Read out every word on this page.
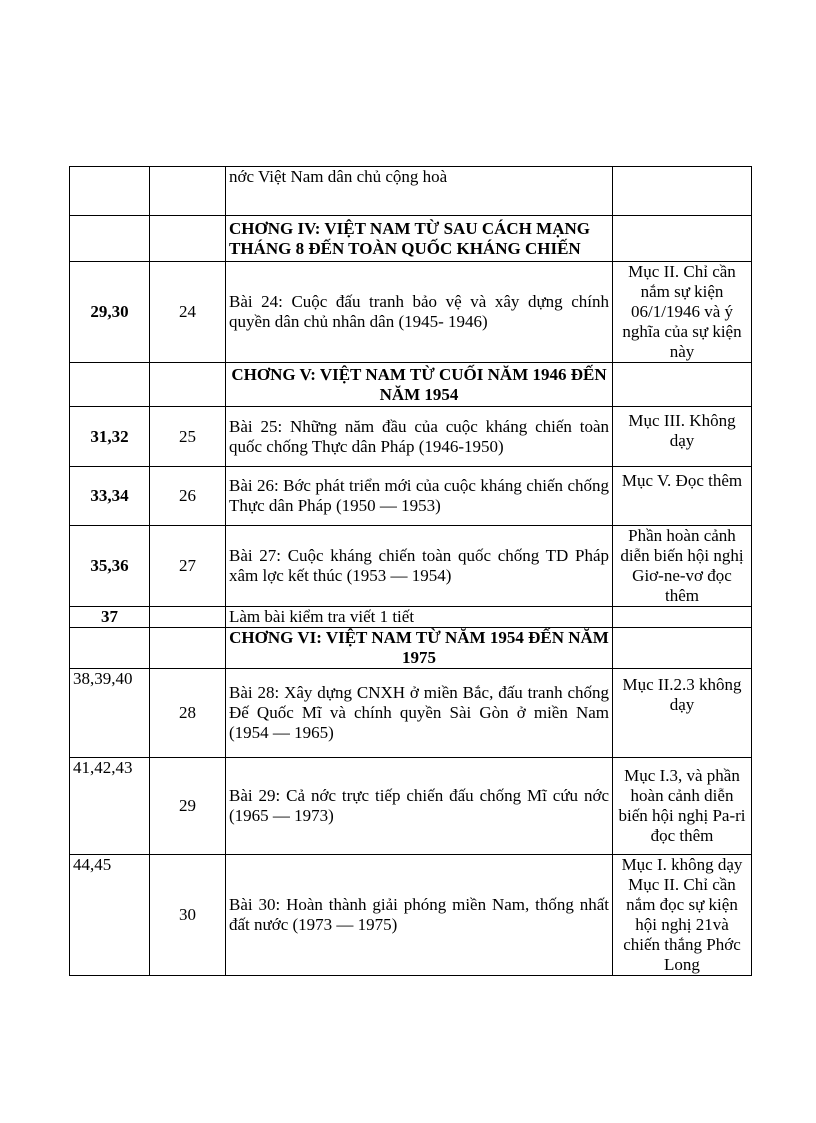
		nớc Việt Nam dân chủ cộng hoà	
		CHƠNG IV: VIỆT NAM TỪ SAU CÁCH MẠNG THÁNG 8 ĐẾN TOÀN QUỐC KHÁNG CHIẾN	
29,30	24	Bài 24: Cuộc đấu tranh bảo vệ và xây dựng chính quyền dân chủ nhân dân (1945- 1946)	Mục II. Chỉ cần nắm sự kiện 06/1/1946 và ý nghĩa của sự kiện này
		CHƠNG V: VIỆT NAM TỪ CUỐI NĂM 1946 ĐẾN NĂM 1954	
31,32	25	Bài 25: Những năm đầu của cuộc kháng chiến toàn quốc chống Thực dân Pháp (1946-1950)	Mục III. Không dạy
33,34	26	Bài 26: Bớc phát triển mới của cuộc kháng chiến chống Thực dân Pháp (1950 — 1953)	Mục V. Đọc thêm
35,36	27	Bài 27: Cuộc kháng chiến toàn quốc chống TD Pháp xâm lợc kết thúc (1953 — 1954)	Phần hoàn cảnh diễn biến hội nghị Giơ-ne-vơ đọc thêm
37		Làm bài kiểm tra viết 1 tiết	
		CHƠNG VI: VIỆT NAM TỪ NĂM 1954 ĐẾN NĂM 1975	
38,39,40	28	Bài 28: Xây dựng CNXH ở miền Bắc, đấu tranh chống Đế Quốc Mĩ và chính quyền Sài Gòn ở miền Nam (1954 — 1965)	Mục II.2.3 không dạy
41,42,43	29	Bài 29: Cả nớc trực tiếp chiến đấu chống Mĩ cứu nớc (1965 — 1973)	Mục I.3, và phần hoàn cảnh diễn biến hội nghị Pa-ri đọc thêm
44,45	30	Bài 30: Hoàn thành giải phóng miền Nam, thống nhất đất nước (1973 — 1975)	Mục I. không dạy Mục II. Chỉ cần nắm đọc sự kiện hội nghị 21và chiến thắng Phớc Long
